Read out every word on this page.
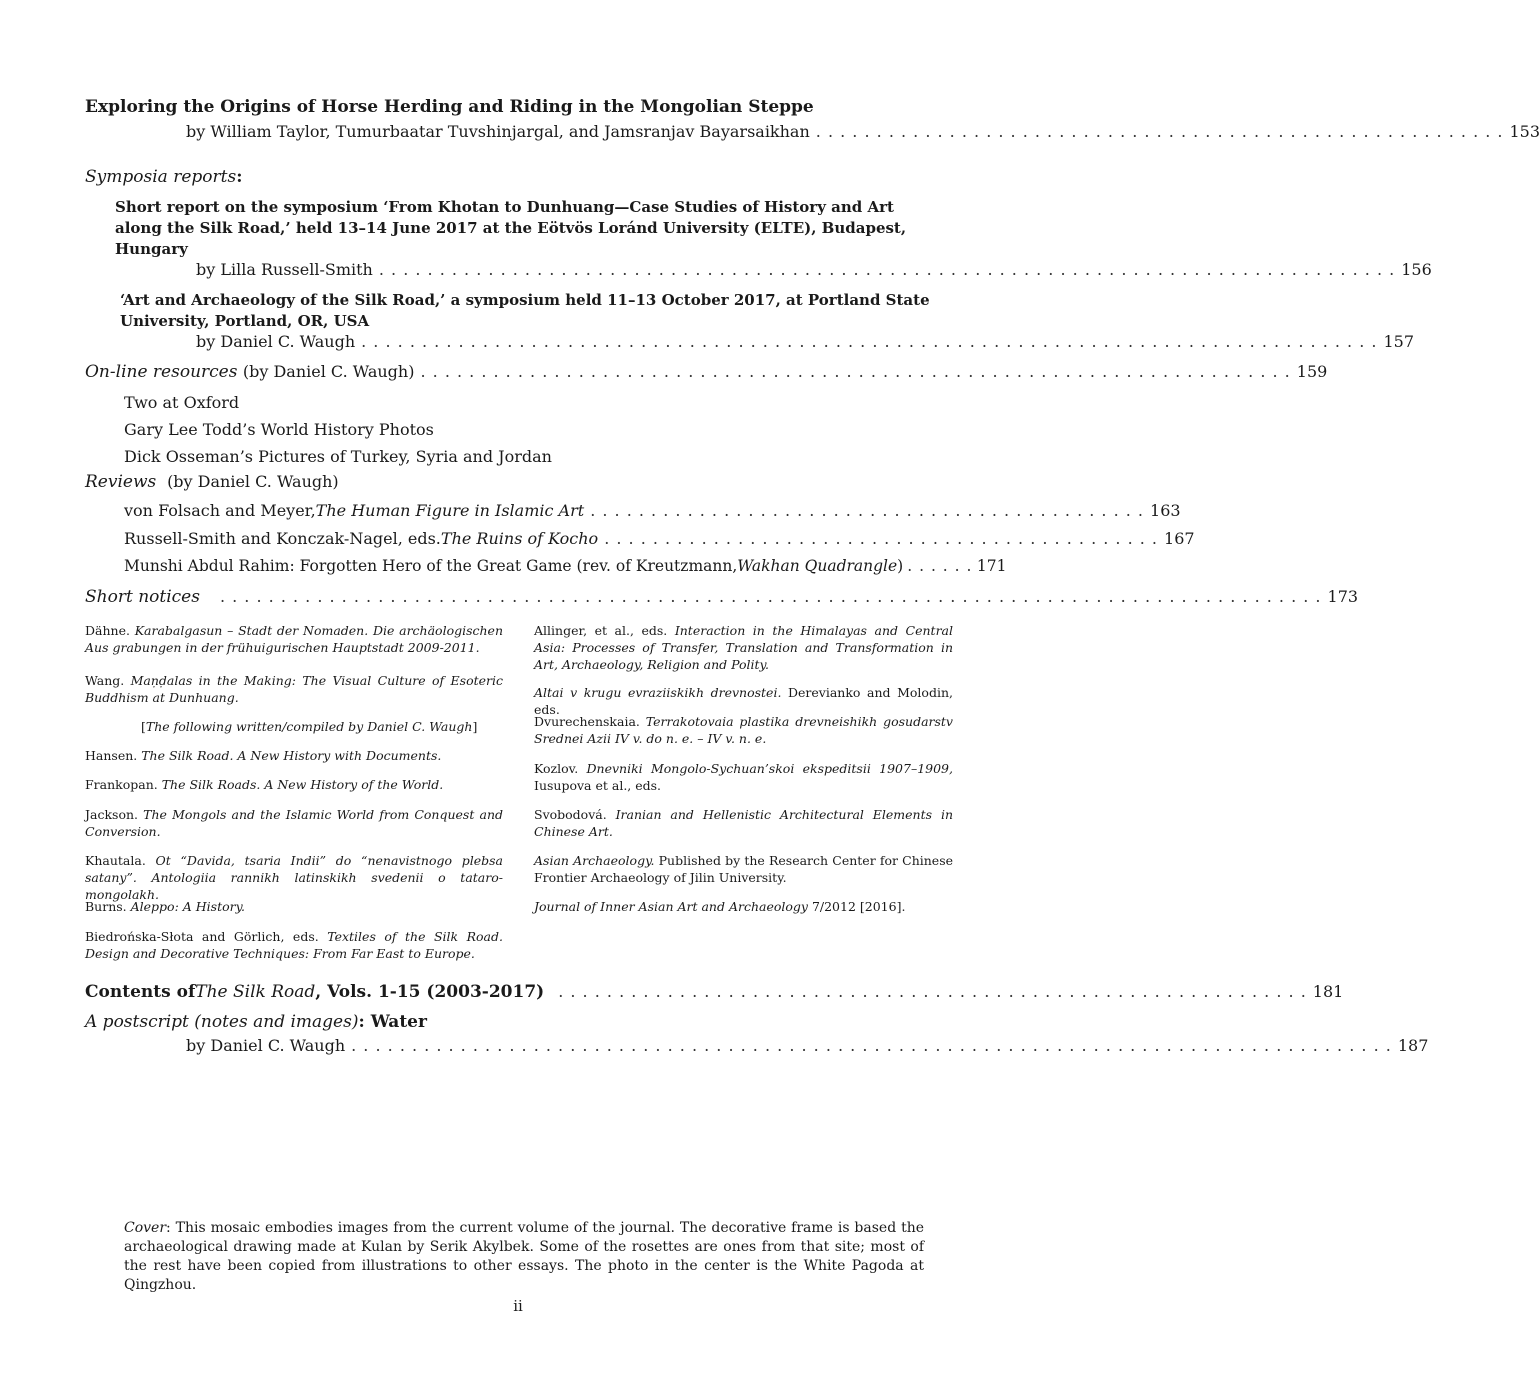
Exploring the Origins of Horse Herding and Riding in the Mongolian Steppe
by William Taylor, Tumurbaatar Tuvshinjargal, and Jamsranjav Bayarsaikhan . . . . . . . . . . . . . . . . . . . . . . . . . . . . . . . . . . . . . . . . . . . . . . . . . . . . . . . . . 153
Symposia reports:
Short report on the symposium ‘From Khotan to Dunhuang—Case Studies of History and Art
along the Silk Road,’ held 13–14 June 2017 at the Eötvös Loránd University (ELTE), Budapest,
Hungary
by Lilla Russell-Smith . . . . . . . . . . . . . . . . . . . . . . . . . . . . . . . . . . . . . . . . . . . . . . . . . . . . . . . . . . . . . . . . . . . . . . . . . . . . . . . . . . . . 156
‘Art and Archaeology of the Silk Road,’ a symposium held 11–13 October 2017, at Portland State
University, Portland, OR, USA
by Daniel C. Waugh . . . . . . . . . . . . . . . . . . . . . . . . . . . . . . . . . . . . . . . . . . . . . . . . . . . . . . . . . . . . . . . . . . . . . . . . . . . . . . . . . . . . 157
On-line resources
(by Daniel C. Waugh) . . . . . . . . . . . . . . . . . . . . . . . . . . . . . . . . . . . . . . . . . . . . . . . . . . . . . . . . . . . . . . . . . . . . . . . . 159
Two at Oxford
Gary Lee Todd’s World History Photos
Dick Osseman’s Pictures of Turkey, Syria and Jordan
Reviews (by Daniel C. Waugh)
von Folsach and Meyer, The Human Figure in Islamic Art . . . . . . . . . . . . . . . . . . . . . . . . . . . . . . . . . . . . . . . . . . . . . . 163
Russell-Smith and Konczak-Nagel, eds. The Ruins of Kocho . . . . . . . . . . . . . . . . . . . . . . . . . . . . . . . . . . . . . . . . . . . . . . 167
Munshi Abdul Rahim: Forgotten Hero of the Great Game (rev. of Kreutzmann, Wakhan Quadrangle ) . . . . . . 171
Short notices . . . . . . . . . . . . . . . . . . . . . . . . . . . . . . . . . . . . . . . . . . . . . . . . . . . . . . . . . . . . . . . . . . . . . . . . . . . . . . . . . . . . . . . . . . . 173
Dähne. Karabalgasun – Stadt der Nomaden. Die archäologischen Aus grabungen in der frühuigurischen Hauptstadt 2009-2011.
Wang. Maṇḍalas in the Making: The Visual Culture of Esoteric Buddhism at Dunhuang.
[The following written/compiled by Daniel C. Waugh]
Hansen. The Silk Road. A New History with Documents.
Frankopan. The Silk Roads. A New History of the World.
Jackson. The Mongols and the Islamic World from Conquest and Conversion.
Khautala. Ot “Davida, tsaria Indii” do “nenavistnogo plebsa satany”. Antologiia rannikh latinskikh svedenii o tataro-mongolakh.
Burns. Aleppo: A History.
Biedrońska-Słota and Görlich, eds. Textiles of the Silk Road. Design and Decorative Techniques: From Far East to Europe.
Allinger, et al., eds. Interaction in the Himalayas and Central Asia: Processes of Transfer, Translation and Transformation in Art, Archaeology, Religion and Polity.
Altai v krugu evraziiskikh drevnostei. Derevianko and Molodin, eds.
Dvurechenskaia. Terrakotovaia plastika drevneishikh gosudarstv Srednei Azii IV v. do n. e. – IV v. n. e.
Kozlov. Dnevniki Mongolo-Sychuan’skoi ekspeditsii 1907–1909, Iusupova et al., eds.
Svobodová. Iranian and Hellenistic Architectural Elements in Chinese Art.
Asian Archaeology. Published by the Research Center for Chinese Frontier Archaeology of Jilin University.
Journal of Inner Asian Art and Archaeology 7/2012 [2016].
Contents of The Silk Road , Vols. 1-15 (2003-2017) . . . . . . . . . . . . . . . . . . . . . . . . . . . . . . . . . . . . . . . . . . . . . . . . . . . . . . . . . . . . . . 181
A postscript (notes and images): Water
by Daniel C. Waugh . . . . . . . . . . . . . . . . . . . . . . . . . . . . . . . . . . . . . . . . . . . . . . . . . . . . . . . . . . . . . . . . . . . . . . . . . . . . . . . . . . . . . . 187
Cover: This mosaic embodies images from the current volume of the journal. The decorative frame is based the archaeological drawing made at Kulan by Serik Akylbek. Some of the rosettes are ones from that site; most of the rest have been copied from illustrations to other essays. The photo in the center is the White Pagoda at Qingzhou.
ii
